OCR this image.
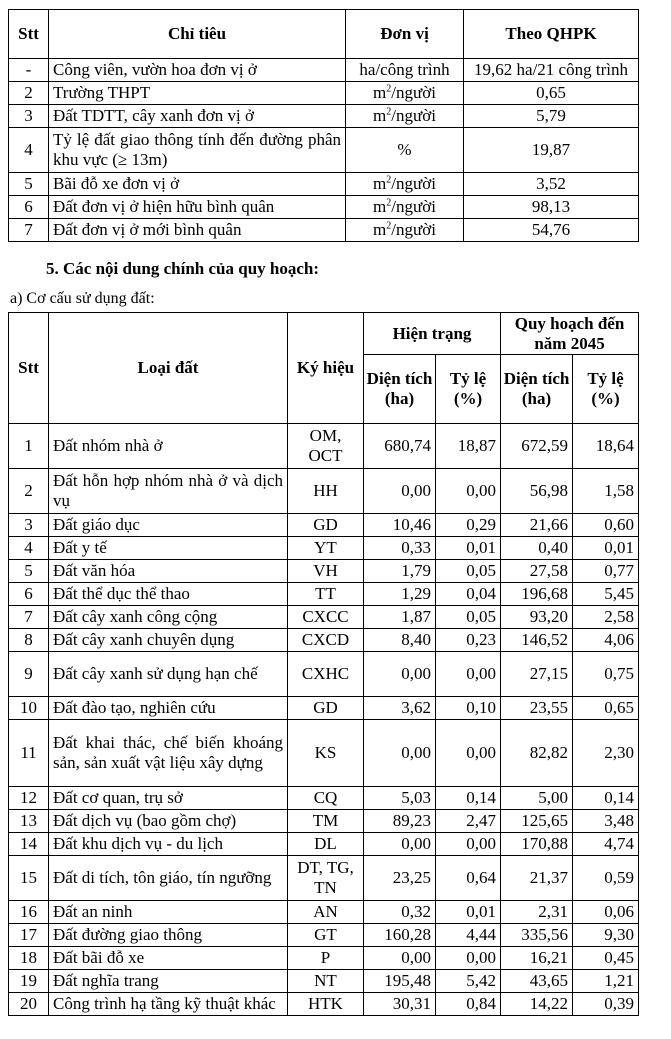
Stt	Chỉ tiêu	Đơn vị	Theo QHPK
-	Công viên, vườn hoa đơn vị ở	ha/công trình	19,62 ha/21 công trình
2	Trường THPT	$m^2$/người	0,65
3	Đất TDTT, cây xanh đơn vị ở	$m^2$/người	5,79
4	Tỷ lệ đất giao thông tính đến đường phân khu vực (≥ 13m)	%	19,87
5	Bãi đỗ xe đơn vị ở	$m^2$/người	3,52
6	Đất đơn vị ở hiện hữu bình quân	$m^2$/người	98,13
7	Đất đơn vị ở mới bình quân	$m^2$/người	54,76
5. Các nội dung chính của quy hoạch:
a) Cơ cấu sử dụng đất:
Stt	Loại đất	Ký hiệu	Hiện trạng		Quy hoạch đến năm 2045	
			Diện tích (ha)	Tỷ lệ (%)	Diện tích (ha)	Tỷ lệ (%)
1	Đất nhóm nhà ở	OM, OCT	680,74	18,87	672,59	18,64
2	Đất hỗn hợp nhóm nhà ở và dịch vụ	HH	0,00	0,00	56,98	1,58
3	Đất giáo dục	GD	10,46	0,29	21,66	0,60
4	Đất y tế	YT	0,33	0,01	0,40	0,01
5	Đất văn hóa	VH	1,79	0,05	27,58	0,77
6	Đất thể dục thể thao	TT	1,29	0,04	196,68	5,45
7	Đất cây xanh công cộng	CXCC	1,87	0,05	93,20	2,58
8	Đất cây xanh chuyên dụng	CXCD	8,40	0,23	146,52	4,06
9	Đất cây xanh sử dụng hạn chế	CXHC	0,00	0,00	27,15	0,75
10	Đất đào tạo, nghiên cứu	GD	3,62	0,10	23,55	0,65
11	Đất khai thác, chế biến khoáng sản, sản xuất vật liệu xây dựng	KS	0,00	0,00	82,82	2,30
12	Đất cơ quan, trụ sở	CQ	5,03	0,14	5,00	0,14
13	Đất dịch vụ (bao gồm chợ)	TM	89,23	2,47	125,65	3,48
14	Đất khu dịch vụ - du lịch	DL	0,00	0,00	170,88	4,74
15	Đất di tích, tôn giáo, tín ngưỡng	DT, TG, TN	23,25	0,64	21,37	0,59
16	Đất an ninh	AN	0,32	0,01	2,31	0,06
17	Đất đường giao thông	GT	160,28	4,44	335,56	9,30
18	Đất bãi đỗ xe	P	0,00	0,00	16,21	0,45
19	Đất nghĩa trang	NT	195,48	5,42	43,65	1,21
20	Công trình hạ tầng kỹ thuật khác	HTK	30,31	0,84	14,22	0,39
